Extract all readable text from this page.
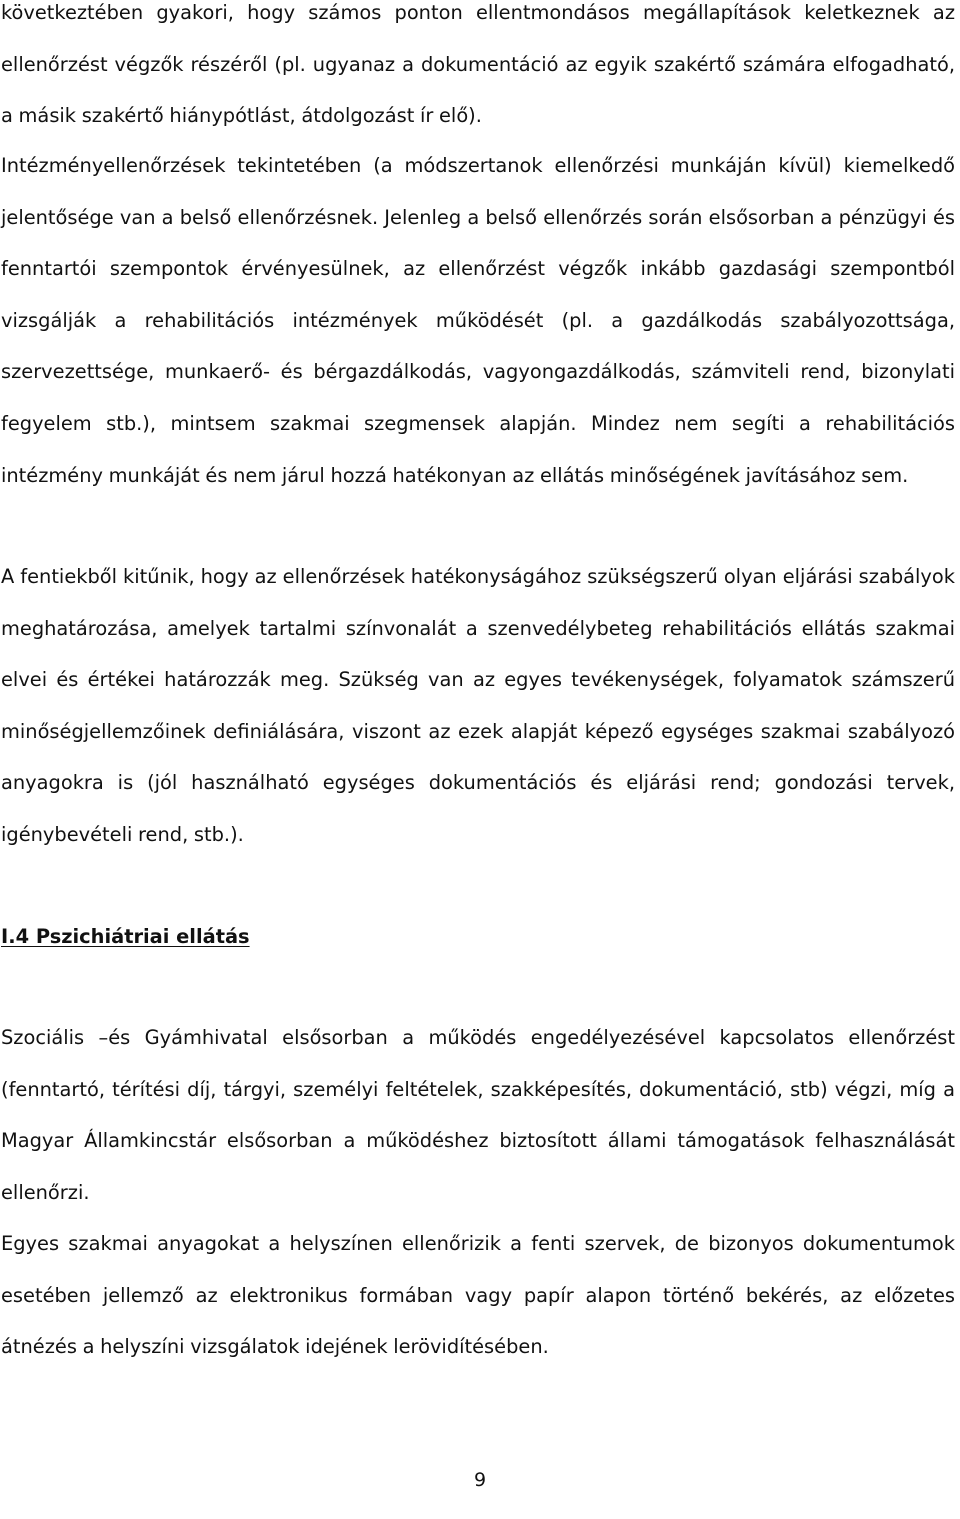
következtében gyakori, hogy számos ponton ellentmondásos megállapítások keletkeznek az ellenőrzést végzők részéről (pl. ugyanaz a dokumentáció az egyik szakértő számára elfogadható, a másik szakértő hiánypótlást, átdolgozást ír elő).

Intézményellenőrzések tekintetében (a módszertanok ellenőrzési munkáján kívül) kiemelkedő jelentősége van a belső ellenőrzésnek. Jelenleg a belső ellenőrzés során elsősorban a pénzügyi és fenntartói szempontok érvényesülnek, az ellenőrzést végzők inkább gazdasági szempontból vizsgálják a rehabilitációs intézmények működését (pl. a gazdálkodás szabályozottsága, szervezettsége, munkaerő- és bérgazdálkodás, vagyongazdálkodás, számviteli rend, bizonylati fegyelem stb.), mintsem szakmai szegmensek alapján. Mindez nem segíti a rehabilitációs intézmény munkáját és nem járul hozzá hatékonyan az ellátás minőségének javításához sem.

A fentiekből kitűnik, hogy az ellenőrzések hatékonyságához szükségszerű olyan eljárási szabályok meghatározása, amelyek tartalmi színvonalát a szenvedélybeteg rehabilitációs ellátás szakmai elvei és értékei határozzák meg. Szükség van az egyes tevékenységek, folyamatok számszerű minőségjellemzőinek definiálására, viszont az ezek alapját képező egységes szakmai szabályozó anyagokra is (jól használható egységes dokumentációs és eljárási rend; gondozási tervek, igénybevételi rend, stb.).

I.4 Pszichiátriai ellátás

Szociális –és Gyámhivatal elsősorban a működés engedélyezésével kapcsolatos ellenőrzést (fenntartó, térítési díj, tárgyi, személyi feltételek, szakképesítés, dokumentáció, stb) végzi, míg a Magyar Államkincstár elsősorban a működéshez biztosított állami támogatások felhasználását ellenőrzi.

Egyes szakmai anyagokat a helyszínen ellenőrizik a fenti szervek, de bizonyos dokumentumok esetében jellemző az elektronikus formában vagy papír alapon történő bekérés, az előzetes átnézés a helyszíni vizsgálatok idejének lerövidítésében.

9
